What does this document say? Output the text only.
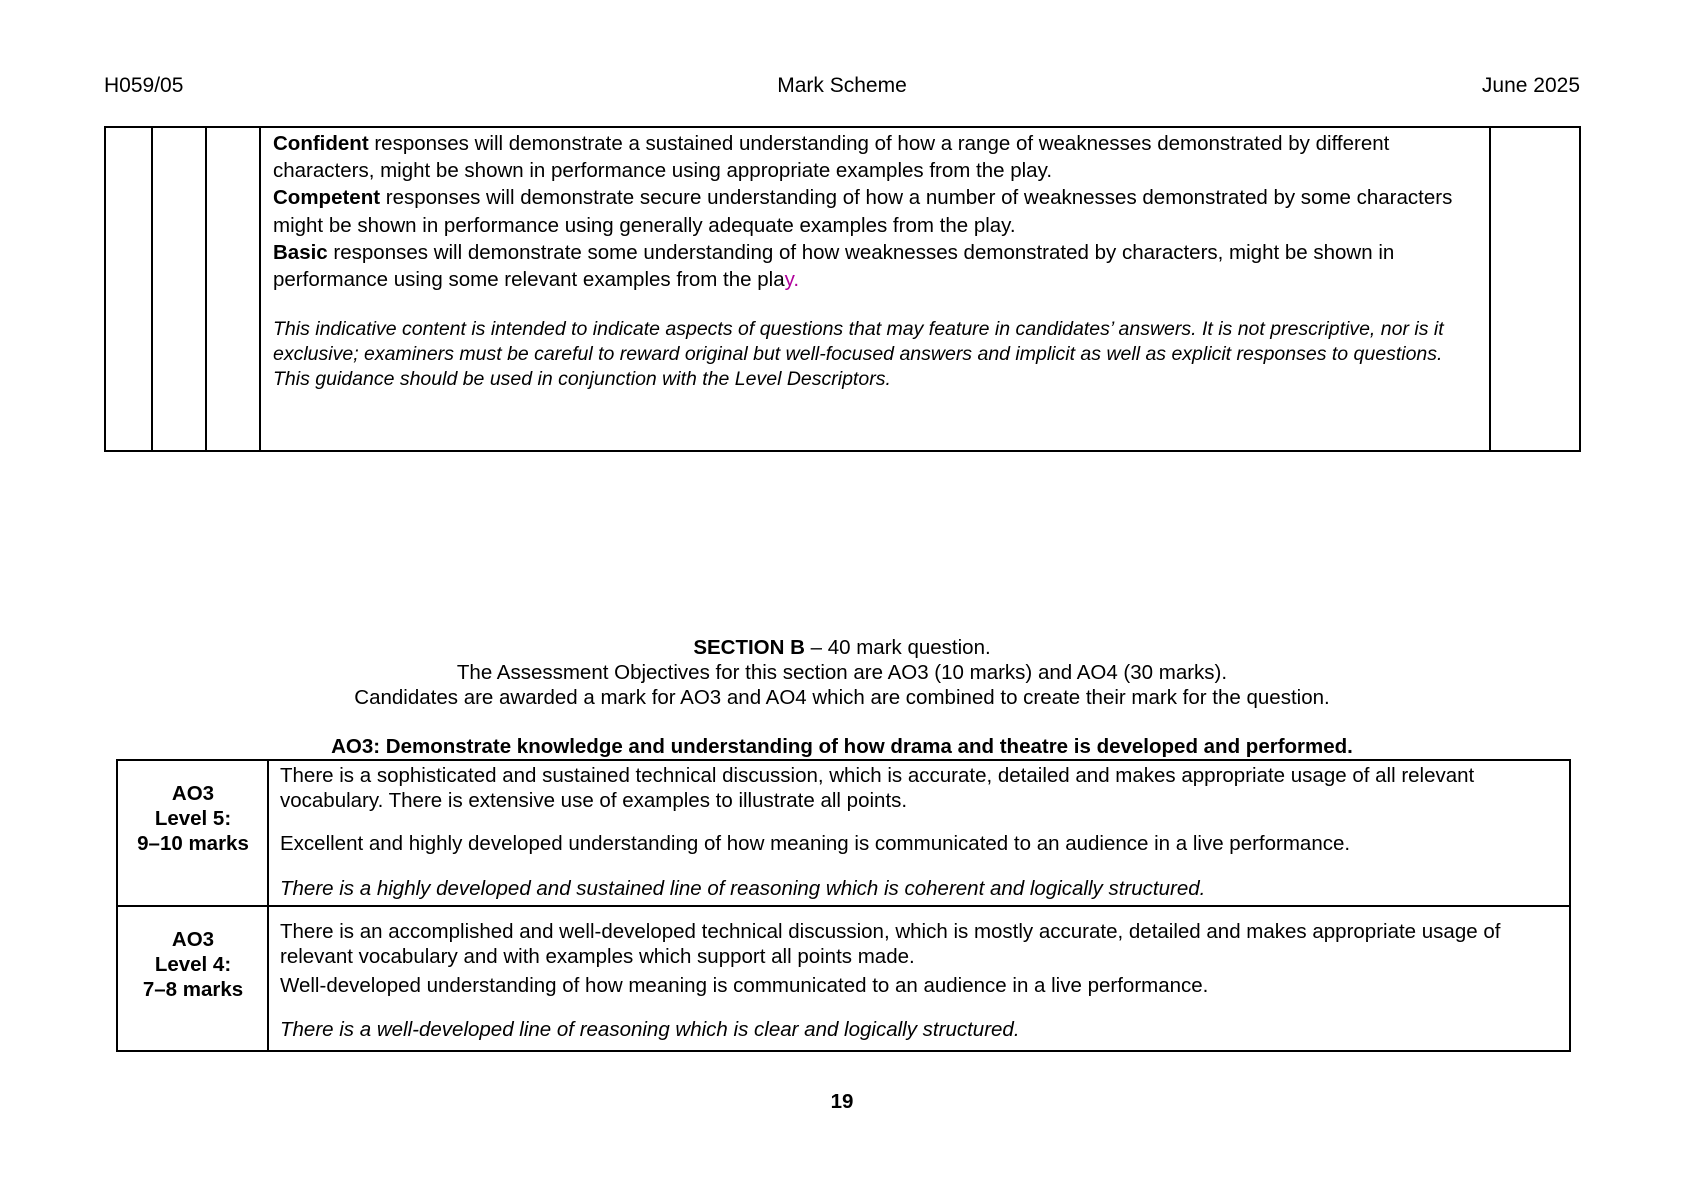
H059/05	Mark Scheme	June 2025

Confident responses will demonstrate a sustained understanding of how a range of weaknesses demonstrated by different characters, might be shown in performance using appropriate examples from the play.

Competent responses will demonstrate secure understanding of how a number of weaknesses demonstrated by some characters might be shown in performance using generally adequate examples from the play.

Basic responses will demonstrate some understanding of how weaknesses demonstrated by characters, might be shown in performance using some relevant examples from the play.

This indicative content is intended to indicate aspects of questions that may feature in candidates’ answers. It is not prescriptive, nor is it exclusive; examiners must be careful to reward original but well-focused answers and implicit as well as explicit responses to questions. This guidance should be used in conjunction with the Level Descriptors.

SECTION B – 40 mark question.
The Assessment Objectives for this section are AO3 (10 marks) and AO4 (30 marks).
Candidates are awarded a mark for AO3 and AO4 which are combined to create their mark for the question.
AO3: Demonstrate knowledge and understanding of how drama and theatre is developed and performed.
AO3
Level 5:
9–10 marks

There is a sophisticated and sustained technical discussion, which is accurate, detailed and makes appropriate usage of all relevant vocabulary. There is extensive use of examples to illustrate all points.

Excellent and highly developed understanding of how meaning is communicated to an audience in a live performance.

There is a highly developed and sustained line of reasoning which is coherent and logically structured.

AO3
Level 4:
7–8 marks

There is an accomplished and well-developed technical discussion, which is mostly accurate, detailed and makes appropriate usage of relevant vocabulary and with examples which support all points made.

Well-developed understanding of how meaning is communicated to an audience in a live performance.

There is a well-developed line of reasoning which is clear and logically structured.

19
